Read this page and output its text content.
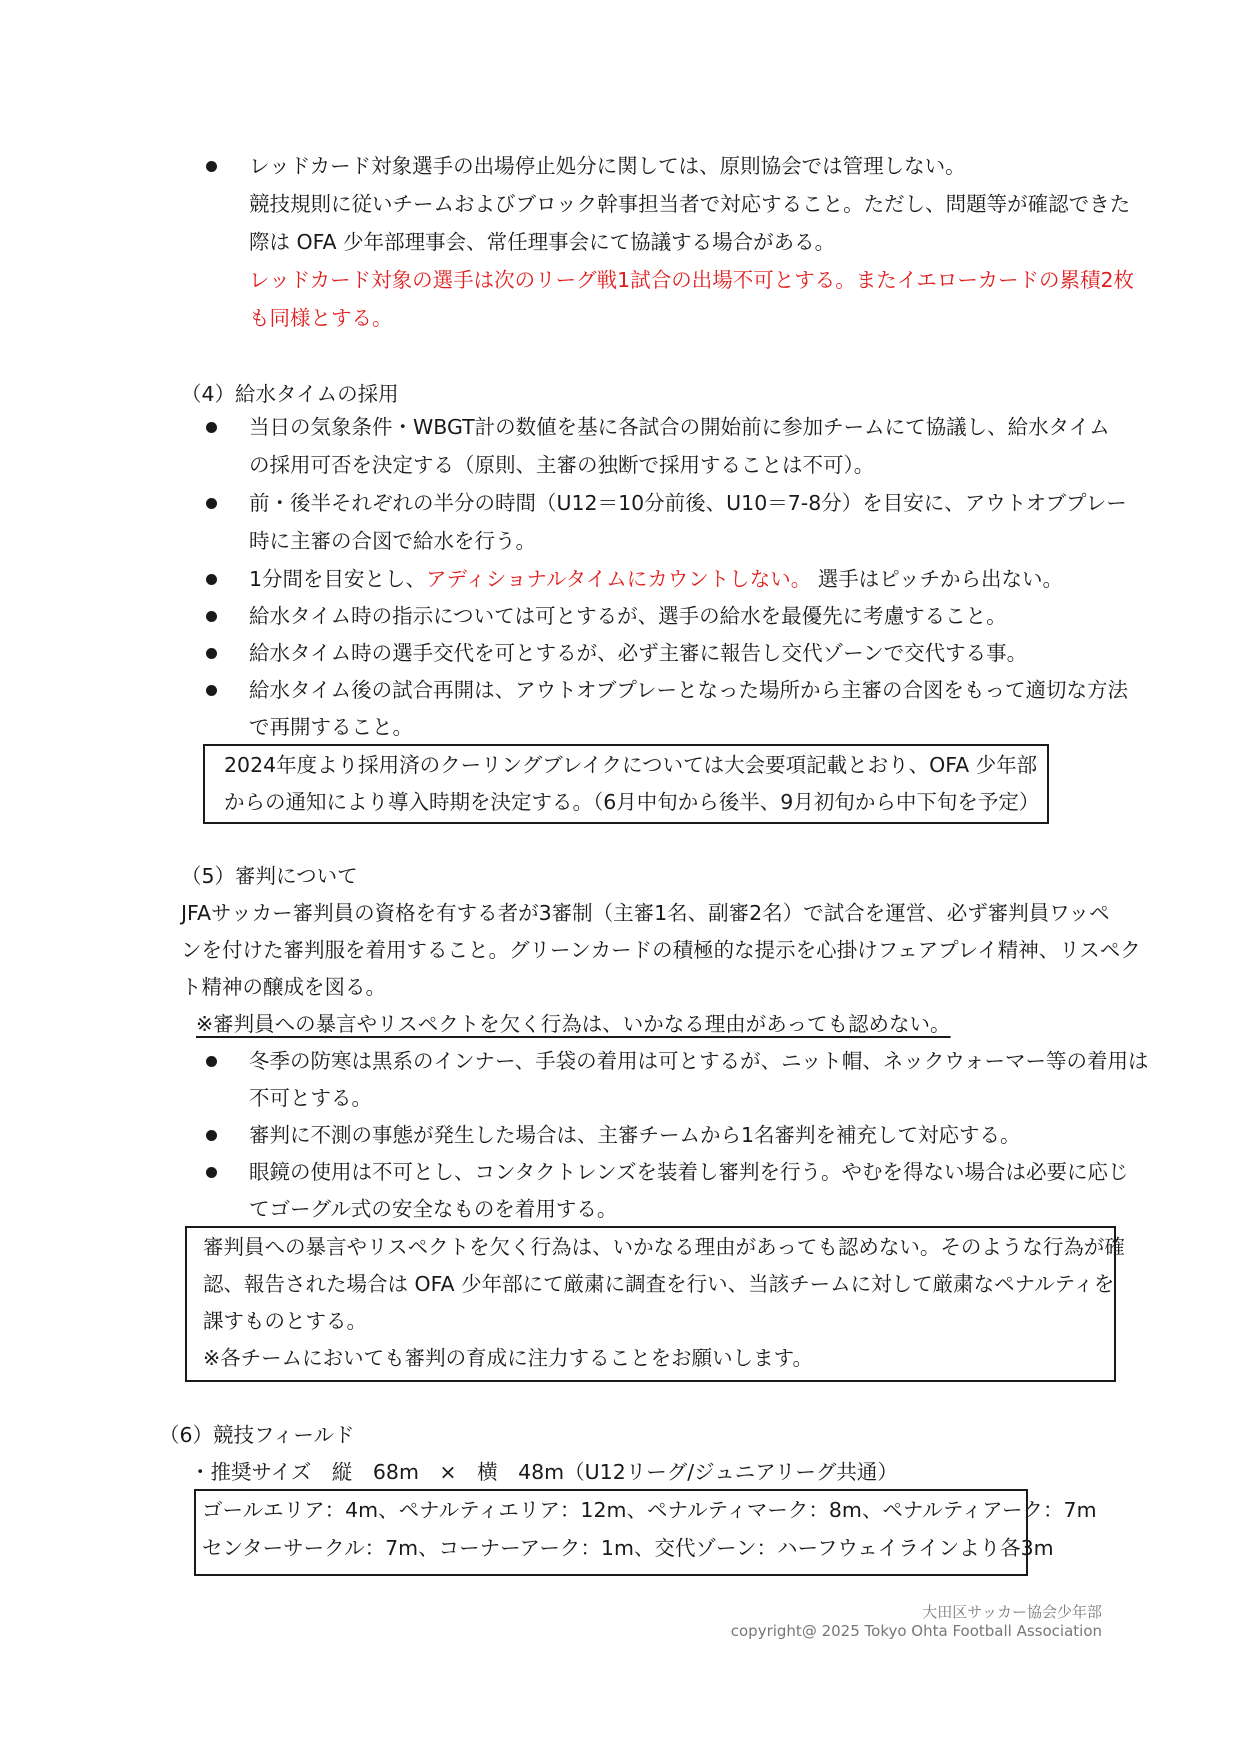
レッドカード対象選手の出場停止処分に関しては、原則協会では管理しない。
競技規則に従いチームおよびブロック幹事担当者で対応すること。ただし、問題等が確認できた
際は OFA 少年部理事会、常任理事会にて協議する場合がある。
レッドカード対象の選手は次のリーグ戦1試合の出場不可とする。またイエローカードの累積2枚
も同様とする。
（4）給水タイムの採用
当日の気象条件・WBGT計の数値を基に各試合の開始前に参加チームにて協議し、給水タイム
の採用可否を決定する（原則、主審の独断で採用することは不可）。
前・後半それぞれの半分の時間（U12＝10分前後、U10＝7-8分）を目安に、アウトオブプレー
時に主審の合図で給水を行う。
1分間を目安とし、アディショナルタイムにカウントしない。 選手はピッチから出ない。
給水タイム時の指示については可とするが、選手の給水を最優先に考慮すること。
給水タイム時の選手交代を可とするが、必ず主審に報告し交代ゾーンで交代する事。
給水タイム後の試合再開は、アウトオブプレーとなった場所から主審の合図をもって適切な方法
で再開すること。
2024年度より採用済のクーリングブレイクについては大会要項記載とおり、OFA 少年部
からの通知により導入時期を決定する。（6月中旬から後半、9月初旬から中下旬を予定）
（5）審判について
JFAサッカー審判員の資格を有する者が3審制（主審1名、副審2名）で試合を運営、必ず審判員ワッペ
ンを付けた審判服を着用すること。グリーンカードの積極的な提示を心掛けフェアプレイ精神、リスペク
ト精神の醸成を図る。
※審判員への暴言やリスペクトを欠く行為は、いかなる理由があっても認めない。
冬季の防寒は黒系のインナー、手袋の着用は可とするが、ニット帽、ネックウォーマー等の着用は
不可とする。
審判に不測の事態が発生した場合は、主審チームから1名審判を補充して対応する。
眼鏡の使用は不可とし、コンタクトレンズを装着し審判を行う。やむを得ない場合は必要に応じ
てゴーグル式の安全なものを着用する。
審判員への暴言やリスペクトを欠く行為は、いかなる理由があっても認めない。そのような行為が確
認、報告された場合は OFA 少年部にて厳粛に調査を行い、当該チームに対して厳粛なペナルティを
課すものとする。
※各チームにおいても審判の育成に注力することをお願いします。
（6）競技フィールド
・推奨サイズ　縦　68m　×　横　48m（U12リーグ/ジュニアリーグ共通）
ゴールエリア：4m、ペナルティエリア：12m、ペナルティマーク：8m、ペナルティアーク：7m
センターサークル：7m、コーナーアーク：1m、交代ゾーン：ハーフウェイラインより各3m
大田区サッカー協会少年部
copyright@ 2025 Tokyo Ohta Football Association
